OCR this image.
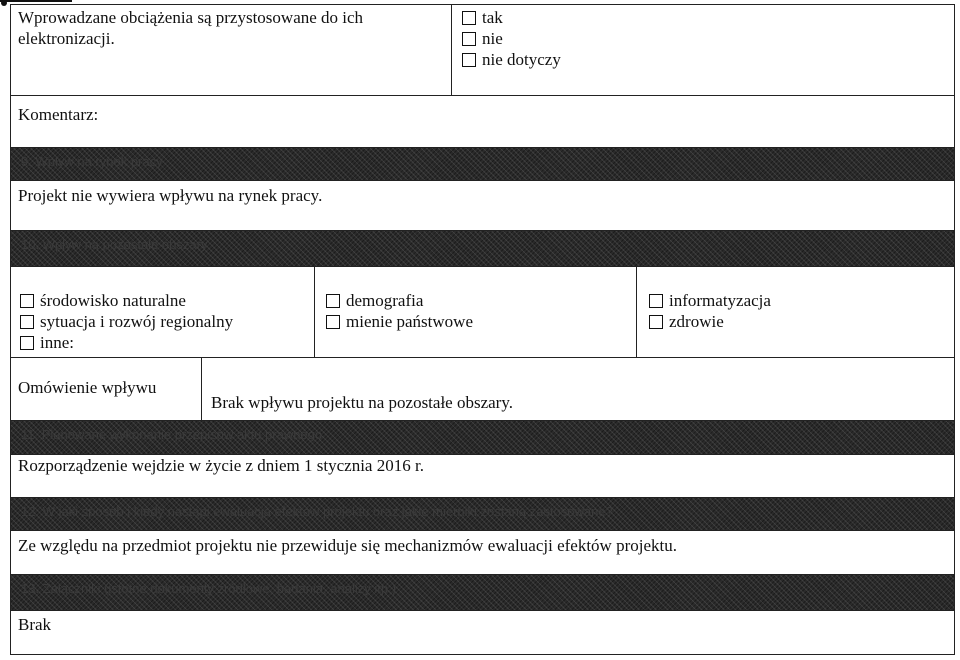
Wprowadzane obciążenia są przystosowane do ich elektronizacji.
tak
nie
nie dotyczy
Komentarz:
9. Wpływ na rynek pracy
Projekt nie wywiera wpływu na rynek pracy.
10. Wpływ na pozostałe obszary
środowisko naturalne
sytuacja i rozwój regionalny
inne:
demografia
mienie państwowe
informatyzacja
zdrowie
Omówienie wpływu
Brak wpływu projektu na pozostałe obszary.
11. Planowane wykonanie przepisów aktu prawnego
Rozporządzenie wejdzie w życie z dniem 1 stycznia 2016 r.
12. W jaki sposób i kiedy nastąpi ewaluacja efektów projektu oraz jakie mierniki zostaną zastosowane?
Ze względu na przedmiot projektu nie przewiduje się mechanizmów ewaluacji efektów projektu.
13. Załączniki (istotne dokumenty źródłowe, badania, analizy itp.)
Brak
